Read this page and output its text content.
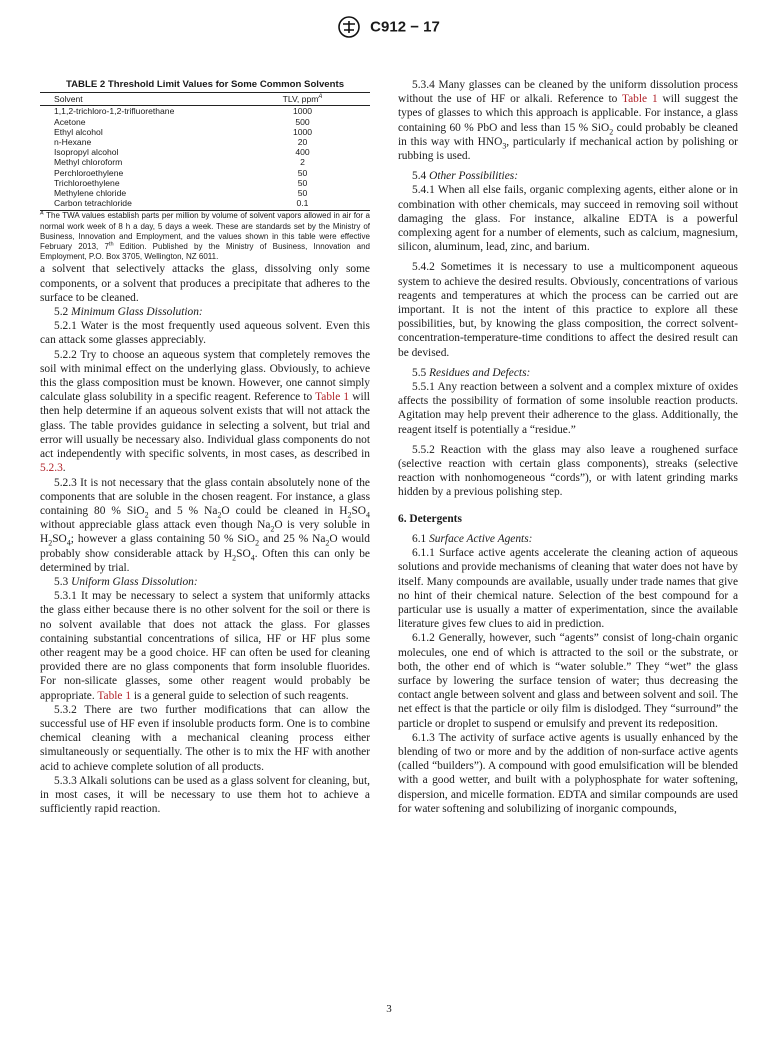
C912 − 17

TABLE 2 Threshold Limit Values for Some Common Solvents

Solvent	TLV, ppm$^A$
1,1,2-trichloro-1,2-trifluorethane	1000
Acetone	500
Ethyl alcohol	1000
n-Hexane	20
Isopropyl alcohol	400
Methyl chloroform	2
Perchloroethylene	50
Trichloroethylene	50
Methylene chloride	50
Carbon tetrachloride	0.1

$^A$ The TWA values establish parts per million by volume of solvent vapors allowed in air for a normal work week of 8 h a day, 5 days a week. These are standards set by the Ministry of Business, Innovation and Employment, and the values shown in this table were effective February 2013, 7th Edition. Published by the Ministry of Business, Innovation and Employment, P.O. Box 3705, Wellington, NZ 6011.

a solvent that selectively attacks the glass, dissolving only some components, or a solvent that produces a precipitate that adheres to the surface to be cleaned.

5.2 Minimum Glass Dissolution:

5.2.1 Water is the most frequently used aqueous solvent. Even this can attack some glasses appreciably.

5.2.2 Try to choose an aqueous system that completely removes the soil with minimal effect on the underlying glass. Obviously, to achieve this the glass composition must be known. However, one cannot simply calculate glass solubility in a specific reagent. Reference to Table 1 will then help determine if an aqueous solvent exists that will not attack the glass. The table provides guidance in selecting a solvent, but trial and error will usually be necessary also. Individual glass components do not act independently with specific solvents, in most cases, as described in 5.2.3.

5.2.3 It is not necessary that the glass contain absolutely none of the components that are soluble in the chosen reagent. For instance, a glass containing 80 % SiO$_2$ and 5 % $Na_2O$ could be cleaned in $H_2SO_4$ without appreciable glass attack even though $Na_2O$ is very soluble in $H_2SO_4$; however a glass containing 50 % SiO$_2$ and 25 % $Na_2O$ would probably show considerable attack by $H_2SO_4$. Often this can only be determined by trial.

5.3 Uniform Glass Dissolution:

5.3.1 It may be necessary to select a system that uniformly attacks the glass either because there is no other solvent for the soil or there is no solvent available that does not attack the glass. For glasses containing substantial concentrations of silica, HF or HF plus some other reagent may be a good choice. HF can often be used for cleaning provided there are no glass components that form insoluble fluorides. For non-silicate glasses, some other reagent would probably be appropriate. Table 1 is a general guide to selection of such reagents.

5.3.2 There are two further modifications that can allow the successful use of HF even if insoluble products form. One is to combine chemical cleaning with a mechanical cleaning process either simultaneously or sequentially. The other is to mix the HF with another acid to achieve complete solution of all products.

5.3.3 Alkali solutions can be used as a glass solvent for cleaning, but, in most cases, it will be necessary to use them hot to achieve a sufficiently rapid reaction.

5.3.4 Many glasses can be cleaned by the uniform dissolution process without the use of HF or alkali. Reference to Table 1 will suggest the types of glasses to which this approach is applicable. For instance, a glass containing 60 % PbO and less than 15 % SiO$_2$ could probably be cleaned in this way with $HNO_3$, particularly if mechanical action by polishing or rubbing is used.

5.4 Other Possibilities:

5.4.1 When all else fails, organic complexing agents, either alone or in combination with other chemicals, may succeed in removing soil without damaging the glass. For instance, alkaline EDTA is a powerful complexing agent for a number of elements, such as calcium, magnesium, silicon, aluminum, lead, zinc, and barium.

5.4.2 Sometimes it is necessary to use a multicomponent aqueous system to achieve the desired results. Obviously, concentrations of various reagents and temperatures at which the process can be carried out are important. It is not the intent of this practice to explore all these possibilities, but, by knowing the glass composition, the correct solvent-concentration-temperature-time conditions to affect the desired result can be devised.

5.5 Residues and Defects:

5.5.1 Any reaction between a solvent and a complex mixture of oxides affects the possibility of formation of some insoluble reaction products. Agitation may help prevent their adherence to the glass. Additionally, the reagent itself is potentially a “residue.”

5.5.2 Reaction with the glass may also leave a roughened surface (selective reaction with certain glass components), streaks (selective reaction with nonhomogeneous “cords”), or with latent grinding marks hidden by a previous polishing step.

6. Detergents

6.1 Surface Active Agents:

6.1.1 Surface active agents accelerate the cleaning action of aqueous solutions and provide mechanisms of cleaning that water does not have by itself. Many compounds are available, usually under trade names that give no hint of their chemical nature. Selection of the best compound for a particular use is usually a matter of experimentation, since the available literature gives few clues to aid in prediction.

6.1.2 Generally, however, such “agents” consist of long-chain organic molecules, one end of which is attracted to the soil or the substrate, or both, the other end of which is “water soluble.” They “wet” the glass surface by lowering the surface tension of water; thus decreasing the contact angle between solvent and glass and between solvent and soil. The net effect is that the particle or oily film is dislodged. They “surround” the particle or droplet to suspend or emulsify and prevent its redeposition.

6.1.3 The activity of surface active agents is usually enhanced by the blending of two or more and by the addition of non-surface active agents (called “builders”). A compound with good emulsification will be blended with a good wetter, and built with a polyphosphate for water softening, dispersion, and micelle formation. EDTA and similar compounds are used for water softening and solubilizing of inorganic compounds,

3
